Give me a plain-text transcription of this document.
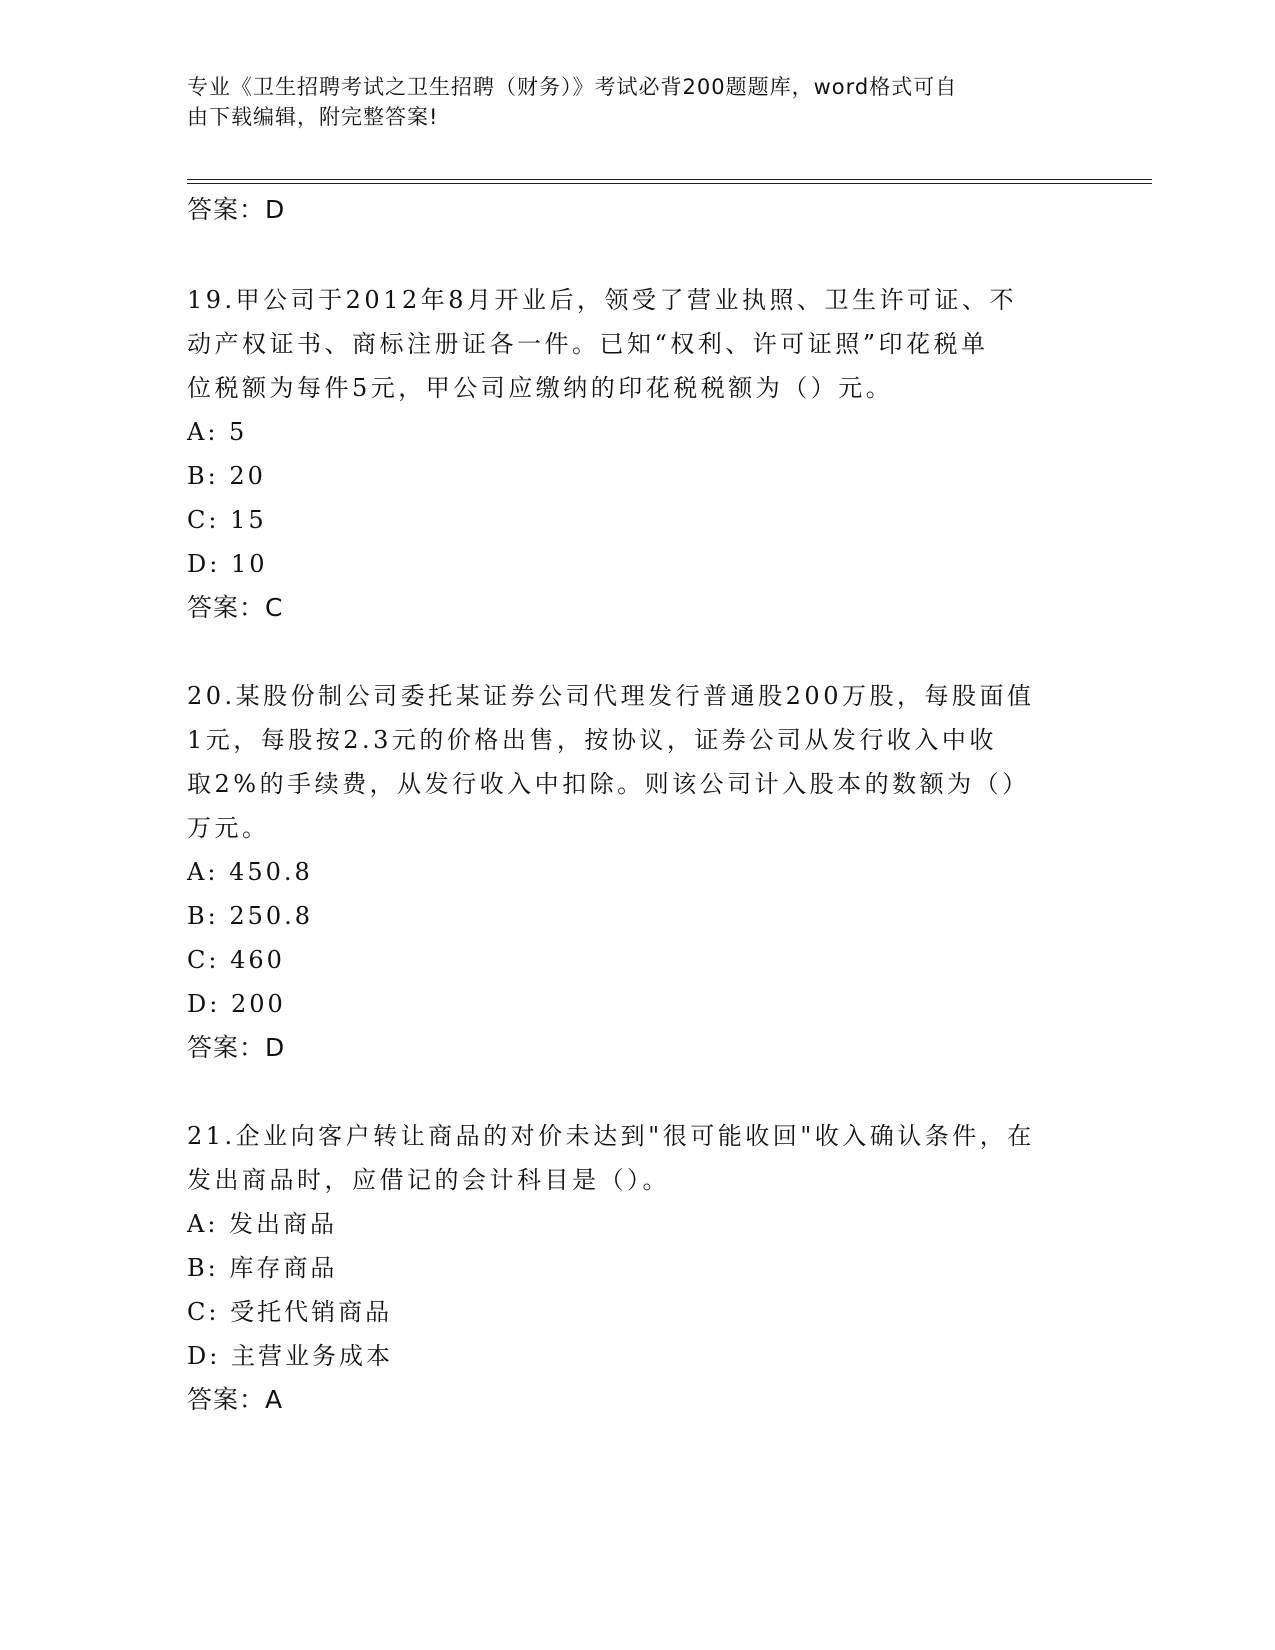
专业《卫生招聘考试之卫生招聘（财务）》考试必背200题题库，word格式可自
由下载编辑，附完整答案!
答案：D
19.甲公司于2012年8月开业后，领受了营业执照、卫生许可证、不
动产权证书、商标注册证各一件。已知“权利、许可证照”印花税单
位税额为每件5元，甲公司应缴纳的印花税税额为（）元。
A: 5
B: 20
C: 15
D: 10
答案：C
20.某股份制公司委托某证券公司代理发行普通股200万股，每股面值
1元，每股按2.3元的价格出售，按协议，证券公司从发行收入中收
取2%的手续费，从发行收入中扣除。则该公司计入股本的数额为（）
万元。
A: 450.8
B: 250.8
C: 460
D: 200
答案：D
21.企业向客户转让商品的对价未达到"很可能收回"收入确认条件，在
发出商品时，应借记的会计科目是（）。
A: 发出商品
B: 库存商品
C: 受托代销商品
D: 主营业务成本
答案：A
